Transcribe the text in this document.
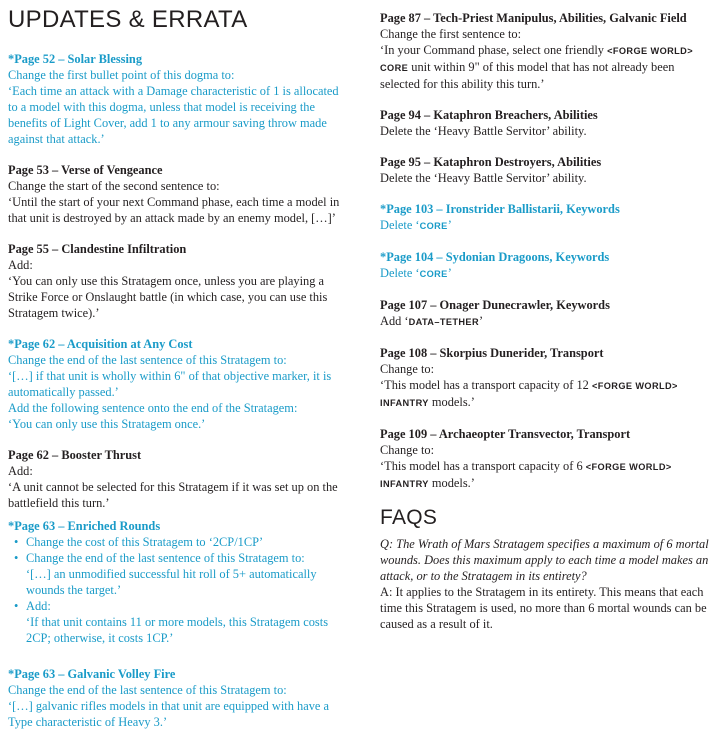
UPDATES & ERRATA
*Page 52 – Solar Blessing
Change the first bullet point of this dogma to:
‘Each time an attack with a Damage characteristic of 1 is allocated to a model with this dogma, unless that model is receiving the benefits of Light Cover, add 1 to any armour saving throw made against that attack.’
Page 53 – Verse of Vengeance
Change the start of the second sentence to:
‘Until the start of your next Command phase, each time a model in that unit is destroyed by an attack made by an enemy model, […]’
Page 55 – Clandestine Infiltration
Add:
‘You can only use this Stratagem once, unless you are playing a Strike Force or Onslaught battle (in which case, you can use this Stratagem twice).’
*Page 62 – Acquisition at Any Cost
Change the end of the last sentence of this Stratagem to:
‘[…] if that unit is wholly within 6" of that objective marker, it is automatically passed.’
Add the following sentence onto the end of the Stratagem:
‘You can only use this Stratagem once.’
Page 62 – Booster Thrust
Add:
‘A unit cannot be selected for this Stratagem if it was set up on the battlefield this turn.’
*Page 63 – Enriched Rounds
• Change the cost of this Stratagem to ‘2CP/1CP’
• Change the end of the last sentence of this Stratagem to:
‘[…] an unmodified successful hit roll of 5+ automatically wounds the target.’
• Add:
‘If that unit contains 11 or more models, this Stratagem costs 2CP; otherwise, it costs 1CP.’
*Page 63 – Galvanic Volley Fire
Change the end of the last sentence of this Stratagem to:
‘[…] galvanic rifles models in that unit are equipped with have a Type characteristic of Heavy 3.’
Page 87 – Tech-Priest Manipulus, Abilities, Galvanic Field
Change the first sentence to:
‘In your Command phase, select one friendly <FORGE WORLD> CORE unit within 9" of this model that has not already been selected for this ability this turn.’
Page 94 – Kataphron Breachers, Abilities
Delete the ‘Heavy Battle Servitor’ ability.
Page 95 – Kataphron Destroyers, Abilities
Delete the ‘Heavy Battle Servitor’ ability.
*Page 103 – Ironstrider Ballistarii, Keywords
Delete ‘CORE’
*Page 104 – Sydonian Dragoons, Keywords
Delete ‘CORE’
Page 107 – Onager Dunecrawler, Keywords
Add ‘DATA–TETHER’
Page 108 – Skorpius Dunerider, Transport
Change to:
‘This model has a transport capacity of 12 <FORGE WORLD> INFANTRY models.’
Page 109 – Archaeopter Transvector, Transport
Change to:
‘This model has a transport capacity of 6 <FORGE WORLD> INFANTRY models.’
FAQS
Q: The Wrath of Mars Stratagem specifies a maximum of 6 mortal wounds. Does this maximum apply to each time a model makes an attack, or to the Stratagem in its entirety?
A: It applies to the Stratagem in its entirety. This means that each time this Stratagem is used, no more than 6 mortal wounds can be caused as a result of it.
